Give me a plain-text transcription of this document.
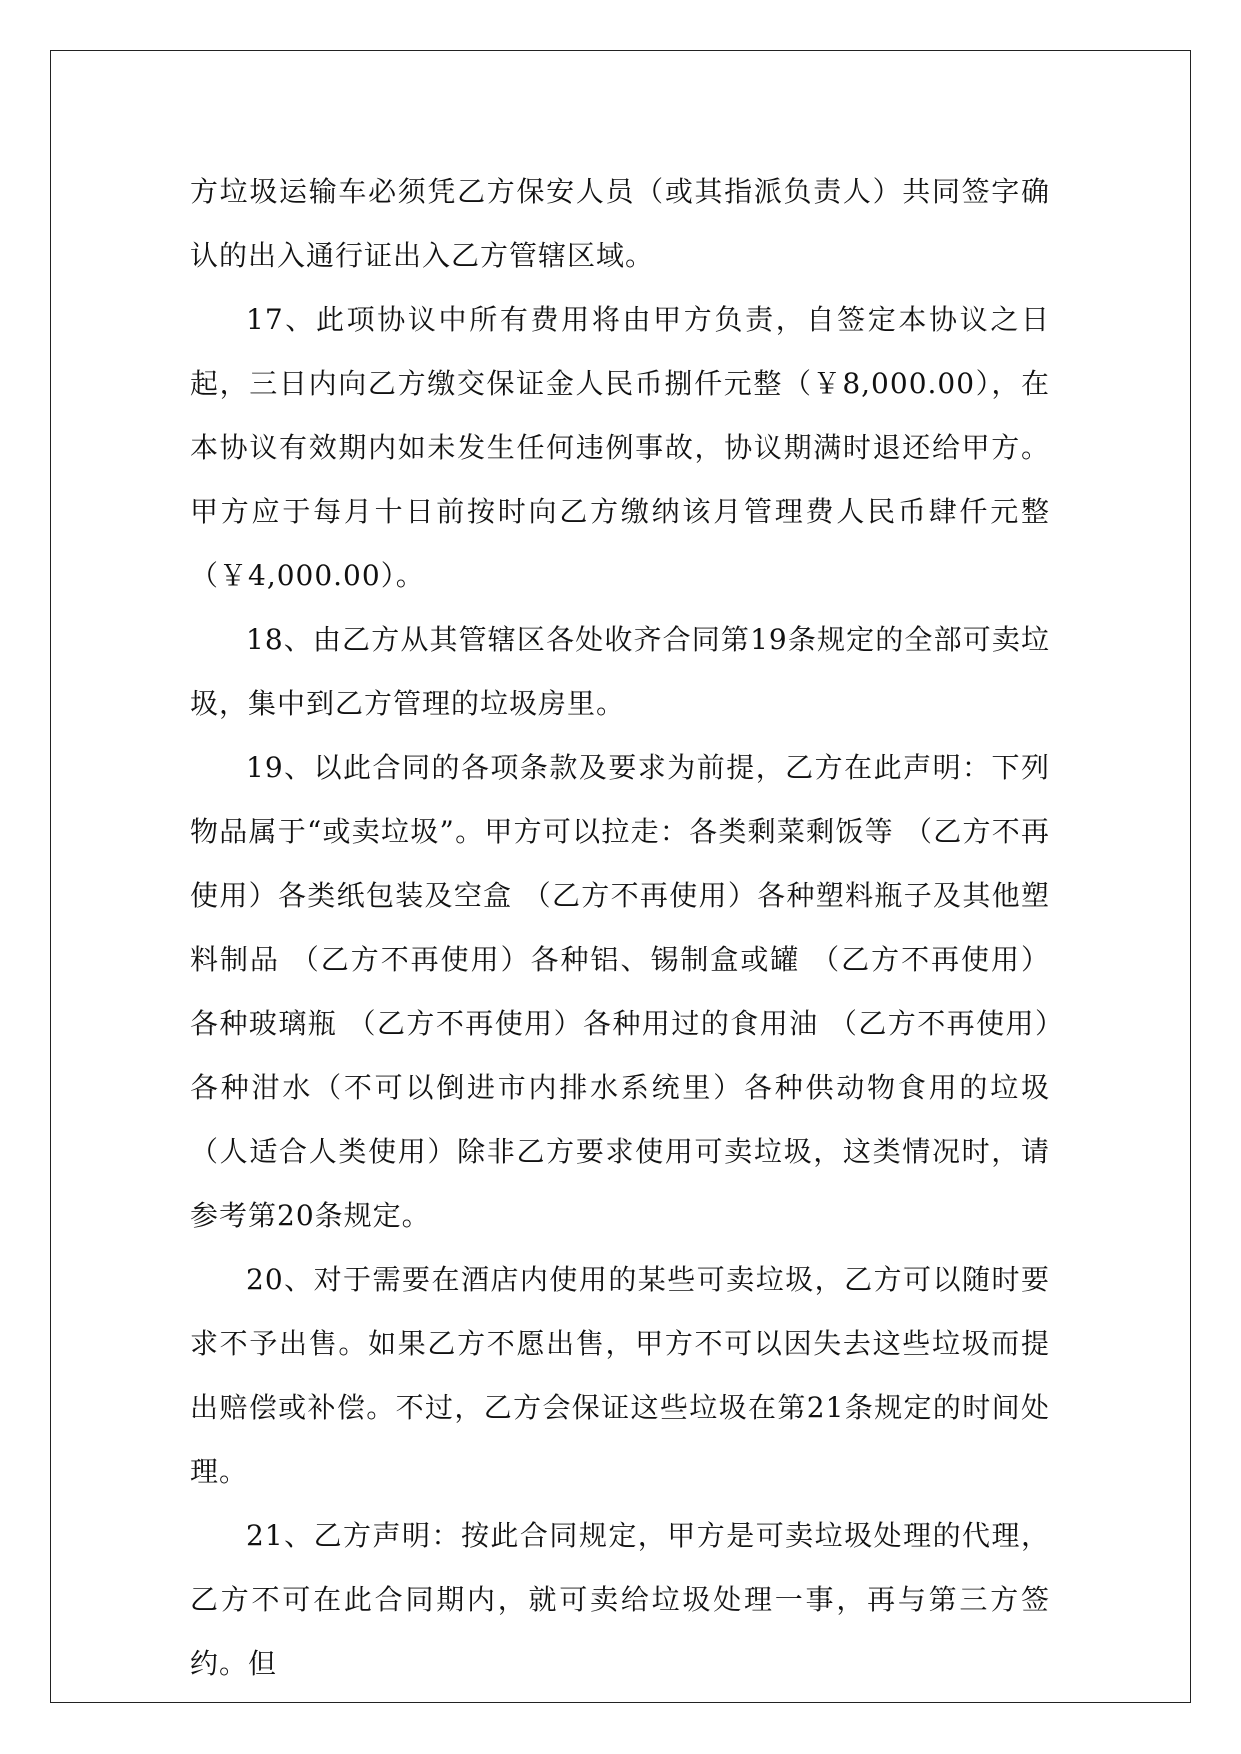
方垃圾运输车必须凭乙方保安人员（或其指派负责人）共同签字确认的出入通行证出入乙方管辖区域。

17、此项协议中所有费用将由甲方负责，自签定本协议之日起，三日内向乙方缴交保证金人民币捌仟元整（￥8,000.00），在本协议有效期内如未发生任何违例事故，协议期满时退还给甲方。甲方应于每月十日前按时向乙方缴纳该月管理费人民币肆仟元整（￥4,000.00）。

18、由乙方从其管辖区各处收齐合同第19条规定的全部可卖垃圾，集中到乙方管理的垃圾房里。

19、以此合同的各项条款及要求为前提，乙方在此声明：下列物品属于“或卖垃圾”。甲方可以拉走：各类剩菜剩饭等 （乙方不再使用）各类纸包装及空盒 （乙方不再使用）各种塑料瓶子及其他塑料制品 （乙方不再使用）各种铝、锡制盒或罐 （乙方不再使用）各种玻璃瓶 （乙方不再使用）各种用过的食用油 （乙方不再使用）各种泔水（不可以倒进市内排水系统里）各种供动物食用的垃圾 （人适合人类使用）除非乙方要求使用可卖垃圾，这类情况时，请参考第20条规定。

20、对于需要在酒店内使用的某些可卖垃圾，乙方可以随时要求不予出售。如果乙方不愿出售，甲方不可以因失去这些垃圾而提出赔偿或补偿。不过，乙方会保证这些垃圾在第21条规定的时间处理。

21、乙方声明：按此合同规定，甲方是可卖垃圾处理的代理，乙方不可在此合同期内，就可卖给垃圾处理一事，再与第三方签约。但
